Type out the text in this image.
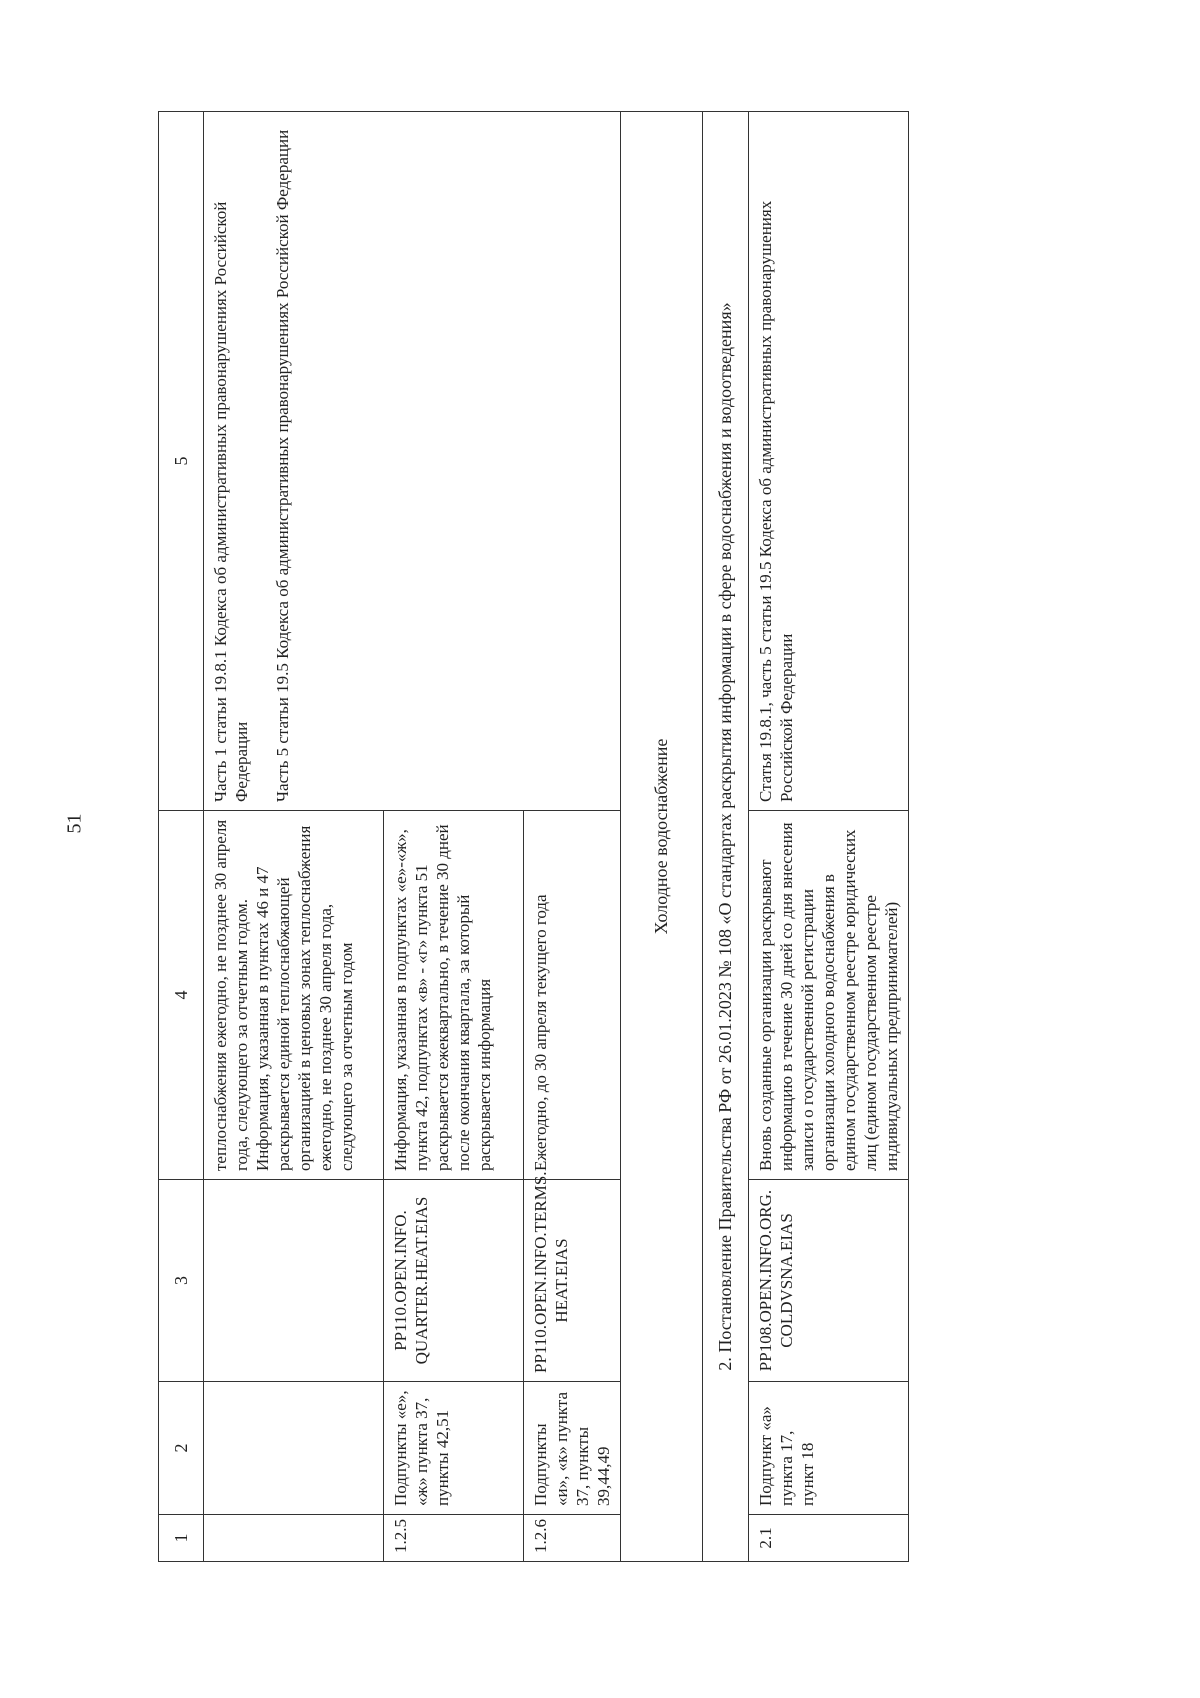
51
1	2	3	4	5
			теплоснабжения ежегодно, не позднее 30 апреля года, следующего за отчетным годом. Информация, указанная в пунктах 46 и 47 раскрывается единой теплоснабжающей организацией в ценовых зонах теплоснабжения ежегодно, не позднее 30 апреля года, следующего за отчетным годом	Часть 1 статьи 19.8.1 Кодекса об административных правонарушениях Российской Федерации Часть 5 статьи 19.5 Кодекса об административных правонарушениях Российской Федерации
1.2.5	Подпункты «е», «ж» пункта 37, пункты 42,51	PP110.OPEN.INFO. QUARTER.HEAT.EIAS	Информация, указанная в подпунктах «е»-«ж», пункта 42, подпунктах «в» - «г» пункта 51 раскрывается ежеквартально, в течение 30 дней после окончания квартала, за который раскрывается информация	
1.2.6	Подпункты «и», «к» пункта 37, пункты 39,44,49	PP110.OPEN.INFO.TERMS. HEAT.EIAS	Ежегодно, до 30 апреля текущего года	
Холодное водоснабжение				
2. Постановление Правительства РФ от 26.01.2023 № 108 «О стандартах раскрытия информации в сфере водоснабжения и водоотведения»				
2.1	Подпункт «а» пункта 17, пункт 18	PP108.OPEN.INFO.ORG. COLDVSNA.EIAS	Вновь созданные организации раскрывают информацию в течение 30 дней со дня внесения записи о государственной регистрации организации холодного водоснабжения в едином государственном реестре юридических лиц (едином государственном реестре индивидуальных предпринимателей)	Статья 19.8.1, часть 5 статьи 19.5 Кодекса об административных правонарушениях Российской Федерации
